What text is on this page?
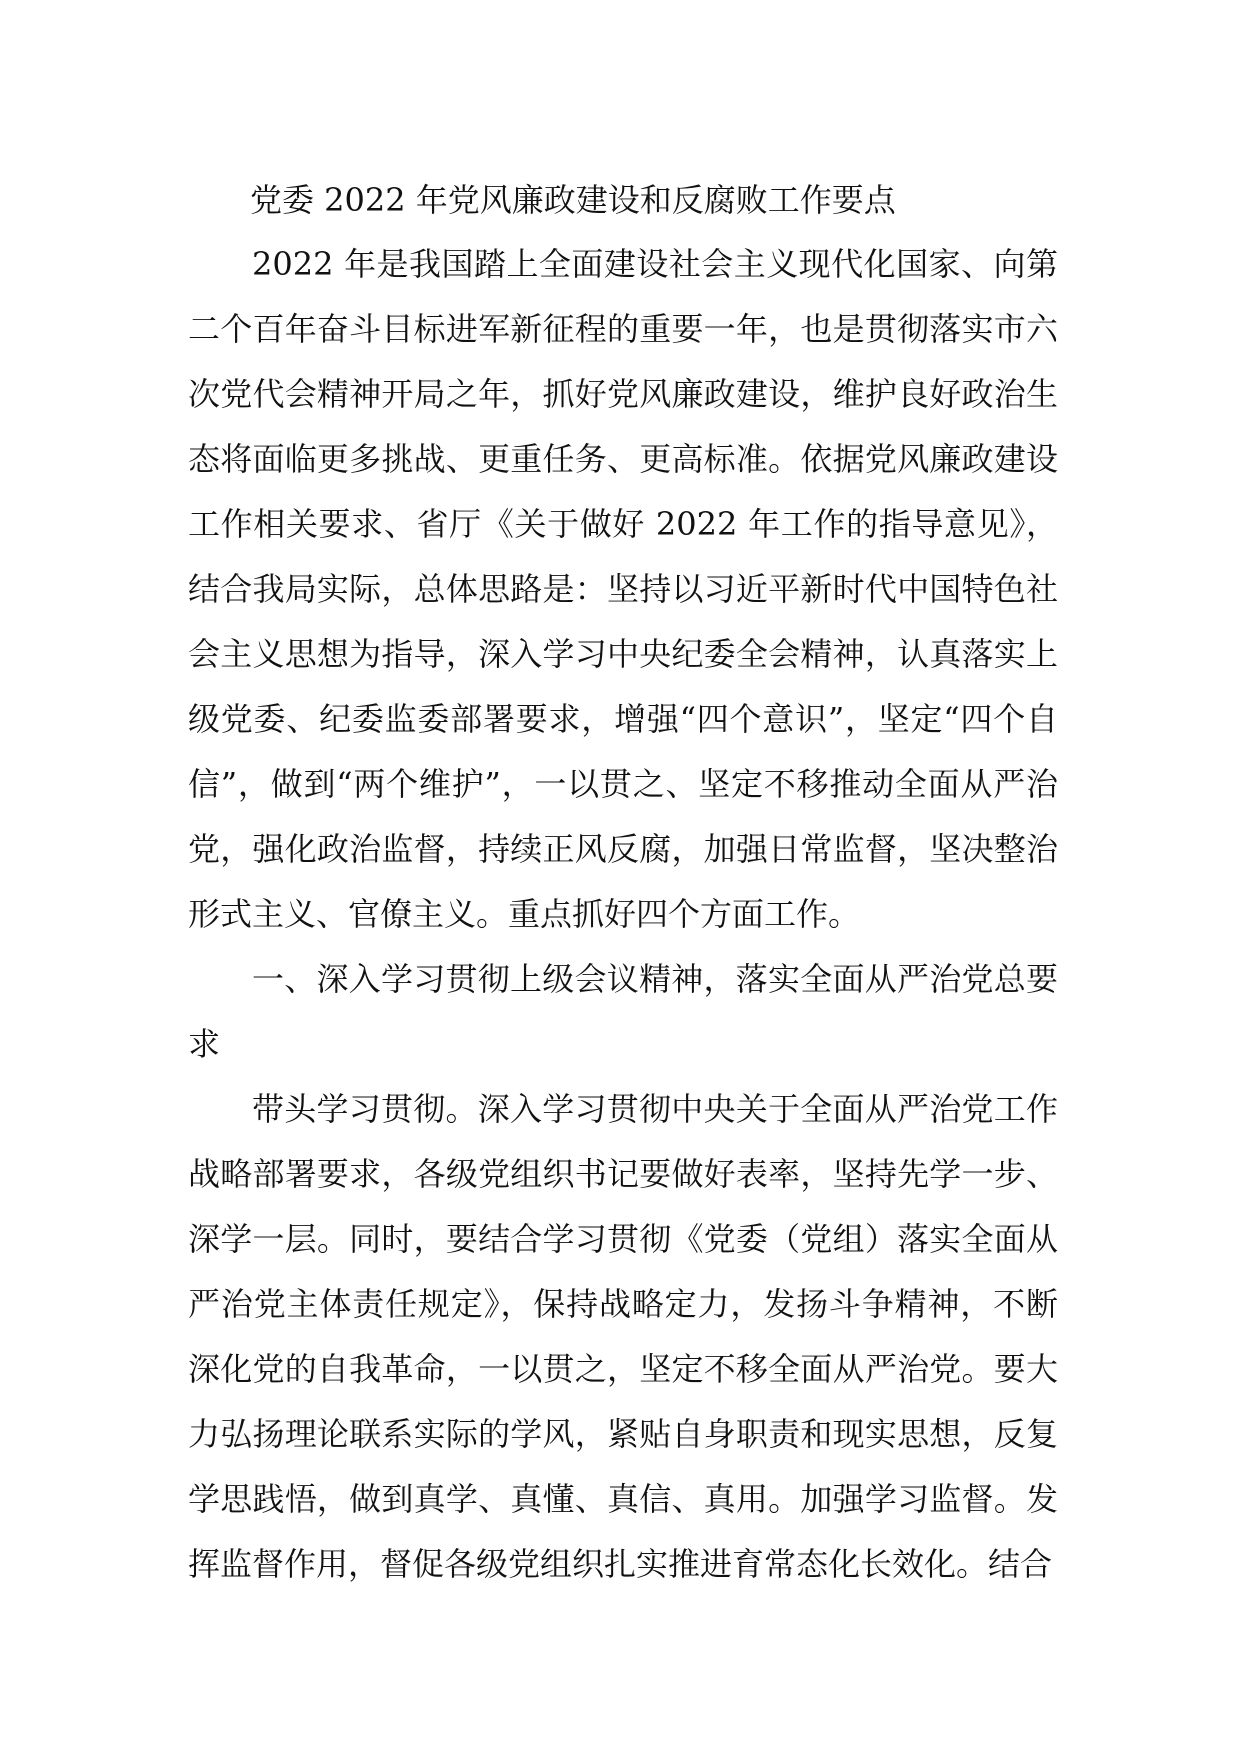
党委 2022 年党风廉政建设和反腐败工作要点

2022 年是我国踏上全面建设社会主义现代化国家、向第二个百年奋斗目标进军新征程的重要一年，也是贯彻落实市六次党代会精神开局之年，抓好党风廉政建设，维护良好政治生态将面临更多挑战、更重任务、更高标准。依据党风廉政建设工作相关要求、省厅《关于做好 2022 年工作的指导意见》，结合我局实际，总体思路是：坚持以习近平新时代中国特色社会主义思想为指导，深入学习中央纪委全会精神，认真落实上级党委、纪委监委部署要求，增强“四个意识”，坚定“四个自信”，做到“两个维护”，一以贯之、坚定不移推动全面从严治党，强化政治监督，持续正风反腐，加强日常监督，坚决整治形式主义、官僚主义。重点抓好四个方面工作。

一、深入学习贯彻上级会议精神，落实全面从严治党总要求

带头学习贯彻。深入学习贯彻中央关于全面从严治党工作战略部署要求，各级党组织书记要做好表率，坚持先学一步、深学一层。同时，要结合学习贯彻《党委（党组）落实全面从严治党主体责任规定》，保持战略定力，发扬斗争精神，不断深化党的自我革命，一以贯之，坚定不移全面从严治党。要大力弘扬理论联系实际的学风，紧贴自身职责和现实思想，反复学思践悟，做到真学、真懂、真信、真用。加强学习监督。发挥监督作用，督促各级党组织扎实推进育常态化长效化。结合
